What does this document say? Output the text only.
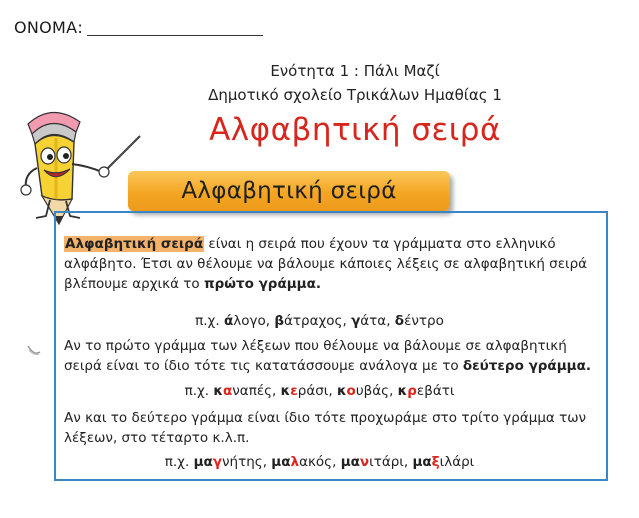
ΟΝΟΜΑ:
Ενότητα 1 : Πάλι Μαζί
Δημοτικό σχολείο Τρικάλων Ημαθίας 1
Αλφαβητική σειρά
Αλφαβητική σειρά
Αλφαβητική σειρά είναι η σειρά που έχουν τα γράμματα στο ελληνικό αλφάβητο. Έτσι αν θέλουμε να βάλουμε κάποιες λέξεις σε αλφαβητική σειρά βλέπουμε αρχικά το πρώτο γράμμα.
π.χ. άλογο, βάτραχος, γάτα, δέντρο
Αν το πρώτο γράμμα των λέξεων που θέλουμε να βάλουμε σε αλφαβητική σειρά είναι το ίδιο τότε τις κατατάσσουμε ανάλογα με το δεύτερο γράμμα.
π.χ. καναπές, κεράσι, κουβάς, κρεβάτι
Αν και το δεύτερο γράμμα είναι ίδιο τότε προχωράμε στο τρίτο γράμμα των λέξεων, στο τέταρτο κ.λ.π.
π.χ. μαγνήτης, μαλακός, μανιτάρι, μαξιλάρι
